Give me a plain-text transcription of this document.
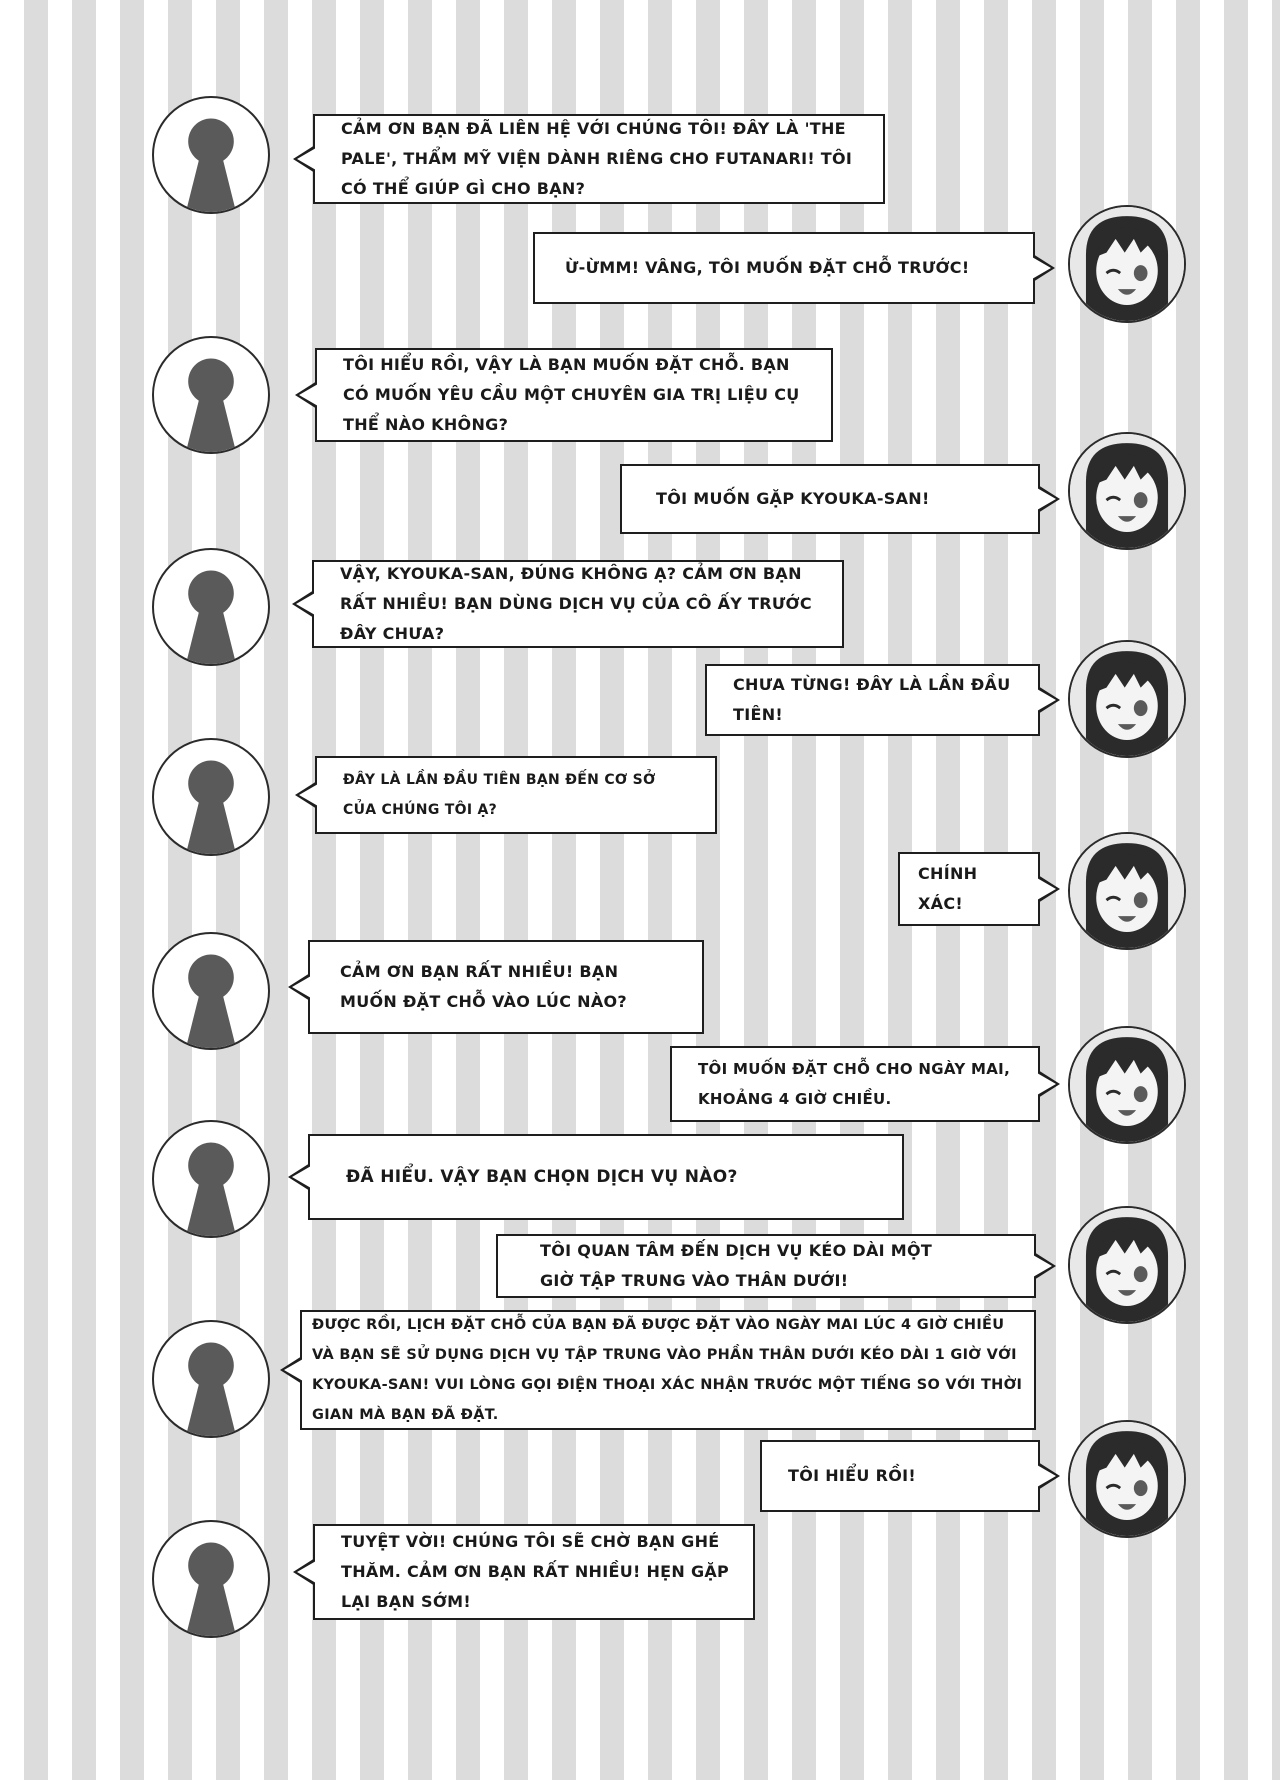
CẢM ƠN BẠN ĐÃ LIÊN HỆ VỚI CHÚNG TÔI! ĐÂY LÀ 'THE PALE', THẨM MỸ VIỆN DÀNH RIÊNG CHO FUTANARI! TÔI CÓ THỂ GIÚP GÌ CHO BẠN?
Ừ-ỪMM! VÂNG, TÔI MUỐN ĐẶT CHỖ TRƯỚC!
TÔI HIỂU RỒI, VẬY LÀ BẠN MUỐN ĐẶT CHỖ. BẠN CÓ MUỐN YÊU CẦU MỘT CHUYÊN GIA TRỊ LIỆU CỤ THỂ NÀO KHÔNG?
TÔI MUỐN GẶP KYOUKA-SAN!
VẬY, KYOUKA-SAN, ĐÚNG KHÔNG Ạ? CẢM ƠN BẠN RẤT NHIỀU! BẠN DÙNG DỊCH VỤ CỦA CÔ ẤY TRƯỚC ĐÂY CHƯA?
CHƯA TỪNG! ĐÂY LÀ LẦN ĐẦU TIÊN!
ĐÂY LÀ LẦN ĐẦU TIÊN BẠN ĐẾN CƠ SỞ CỦA CHÚNG TÔI Ạ?
CHÍNH XÁC!
CẢM ƠN BẠN RẤT NHIỀU! BẠN MUỐN ĐẶT CHỖ VÀO LÚC NÀO?
TÔI MUỐN ĐẶT CHỖ CHO NGÀY MAI, KHOẢNG 4 GIỜ CHIỀU.
ĐÃ HIỂU. VẬY BẠN CHỌN DỊCH VỤ NÀO?
TÔI QUAN TÂM ĐẾN DỊCH VỤ KÉO DÀI MỘT GIỜ TẬP TRUNG VÀO THÂN DƯỚI!
ĐƯỢC RỒI, LỊCH ĐẶT CHỖ CỦA BẠN ĐÃ ĐƯỢC ĐẶT VÀO NGÀY MAI LÚC 4 GIỜ CHIỀU VÀ BẠN SẼ SỬ DỤNG DỊCH VỤ TẬP TRUNG VÀO PHẦN THÂN DƯỚI KÉO DÀI 1 GIỜ VỚI KYOUKA-SAN! VUI LÒNG GỌI ĐIỆN THOẠI XÁC NHẬN TRƯỚC MỘT TIẾNG SO VỚI THỜI GIAN MÀ BẠN ĐÃ ĐẶT.
TÔI HIỂU RỒI!
TUYỆT VỜI! CHÚNG TÔI SẼ CHỜ BẠN GHÉ THĂM. CẢM ƠN BẠN RẤT NHIỀU! HẸN GẶP LẠI BẠN SỚM!
